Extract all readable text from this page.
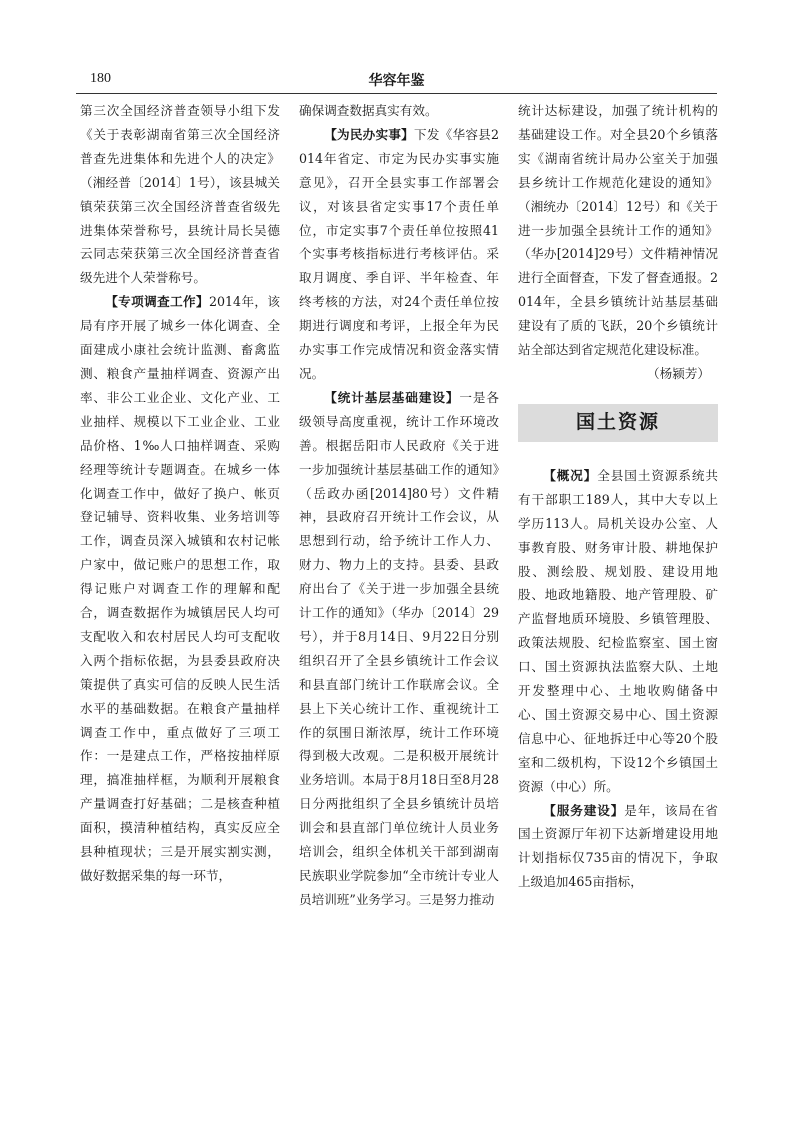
180	华容年鉴

第三次全国经济普查领导小组下发《关于表彰湖南省第三次全国经济普查先进集体和先进个人的决定》（湘经普〔2014〕1号），该县城关镇荣获第三次全国经济普查省级先进集体荣誉称号，县统计局长吴德云同志荣获第三次全国经济普查省级先进个人荣誉称号。

【专项调查工作】2014年，该局有序开展了城乡一体化调查、全面建成小康社会统计监测、畜禽监测、粮食产量抽样调查、资源产出率、非公工业企业、文化产业、工业抽样、规模以下工业企业、工业品价格、1‰人口抽样调查、采购经理等统计专题调查。在城乡一体化调查工作中，做好了换户、帐页登记辅导、资料收集、业务培训等工作，调查员深入城镇和农村记帐户家中，做记账户的思想工作，取得记账户对调查工作的理解和配合，调查数据作为城镇居民人均可支配收入和农村居民人均可支配收入两个指标依据，为县委县政府决策提供了真实可信的反映人民生活水平的基础数据。在粮食产量抽样调查工作中，重点做好了三项工作：一是建点工作，严格按抽样原理，搞准抽样框，为顺利开展粮食产量调查打好基础；二是核查种植面积，摸清种植结构，真实反应全县种植现状；三是开展实割实测，做好数据采集的每一环节，

确保调查数据真实有效。

【为民办实事】下发《华容县2014年省定、市定为民办实事实施意见》，召开全县实事工作部署会议，对该县省定实事17个责任单位，市定实事7个责任单位按照41个实事考核指标进行考核评估。采取月调度、季自评、半年检查、年终考核的方法，对24个责任单位按期进行调度和考评，上报全年为民办实事工作完成情况和资金落实情况。

【统计基层基础建设】一是各级领导高度重视，统计工作环境改善。根据岳阳市人民政府《关于进一步加强统计基层基础工作的通知》（岳政办函[2014]80号）文件精神，县政府召开统计工作会议，从思想到行动，给予统计工作人力、财力、物力上的支持。县委、县政府出台了《关于进一步加强全县统计工作的通知》（华办〔2014〕29号），并于8月14日、9月22日分别组织召开了全县乡镇统计工作会议和县直部门统计工作联席会议。全县上下关心统计工作、重视统计工作的氛围日渐浓厚，统计工作环境得到极大改观。二是积极开展统计业务培训。本局于8月18日至8月28日分两批组织了全县乡镇统计员培训会和县直部门单位统计人员业务培训会，组织全体机关干部到湖南民族职业学院参加“全市统计专业人员培训班”业务学习。三是努力推动

统计达标建设，加强了统计机构的基础建设工作。对全县20个乡镇落实《湖南省统计局办公室关于加强县乡统计工作规范化建设的通知》（湘统办〔2014〕12号）和《关于进一步加强全县统计工作的通知》（华办[2014]29号）文件精神情况进行全面督查，下发了督查通报。2014年，全县乡镇统计站基层基础建设有了质的飞跃，20个乡镇统计站全部达到省定规范化建设标准。

（杨颍芳）

国土资源

【概况】全县国土资源系统共有干部职工189人，其中大专以上学历113人。局机关设办公室、人事教育股、财务审计股、耕地保护股、测绘股、规划股、建设用地股、地政地籍股、地产管理股、矿产监督地质环境股、乡镇管理股、政策法规股、纪检监察室、国土窗口、国土资源执法监察大队、土地开发整理中心、土地收购储备中心、国土资源交易中心、国土资源信息中心、征地拆迁中心等20个股室和二级机构，下设12个乡镇国土资源（中心）所。

【服务建设】是年，该局在省国土资源厅年初下达新增建设用地计划指标仅735亩的情况下，争取上级追加465亩指标，
